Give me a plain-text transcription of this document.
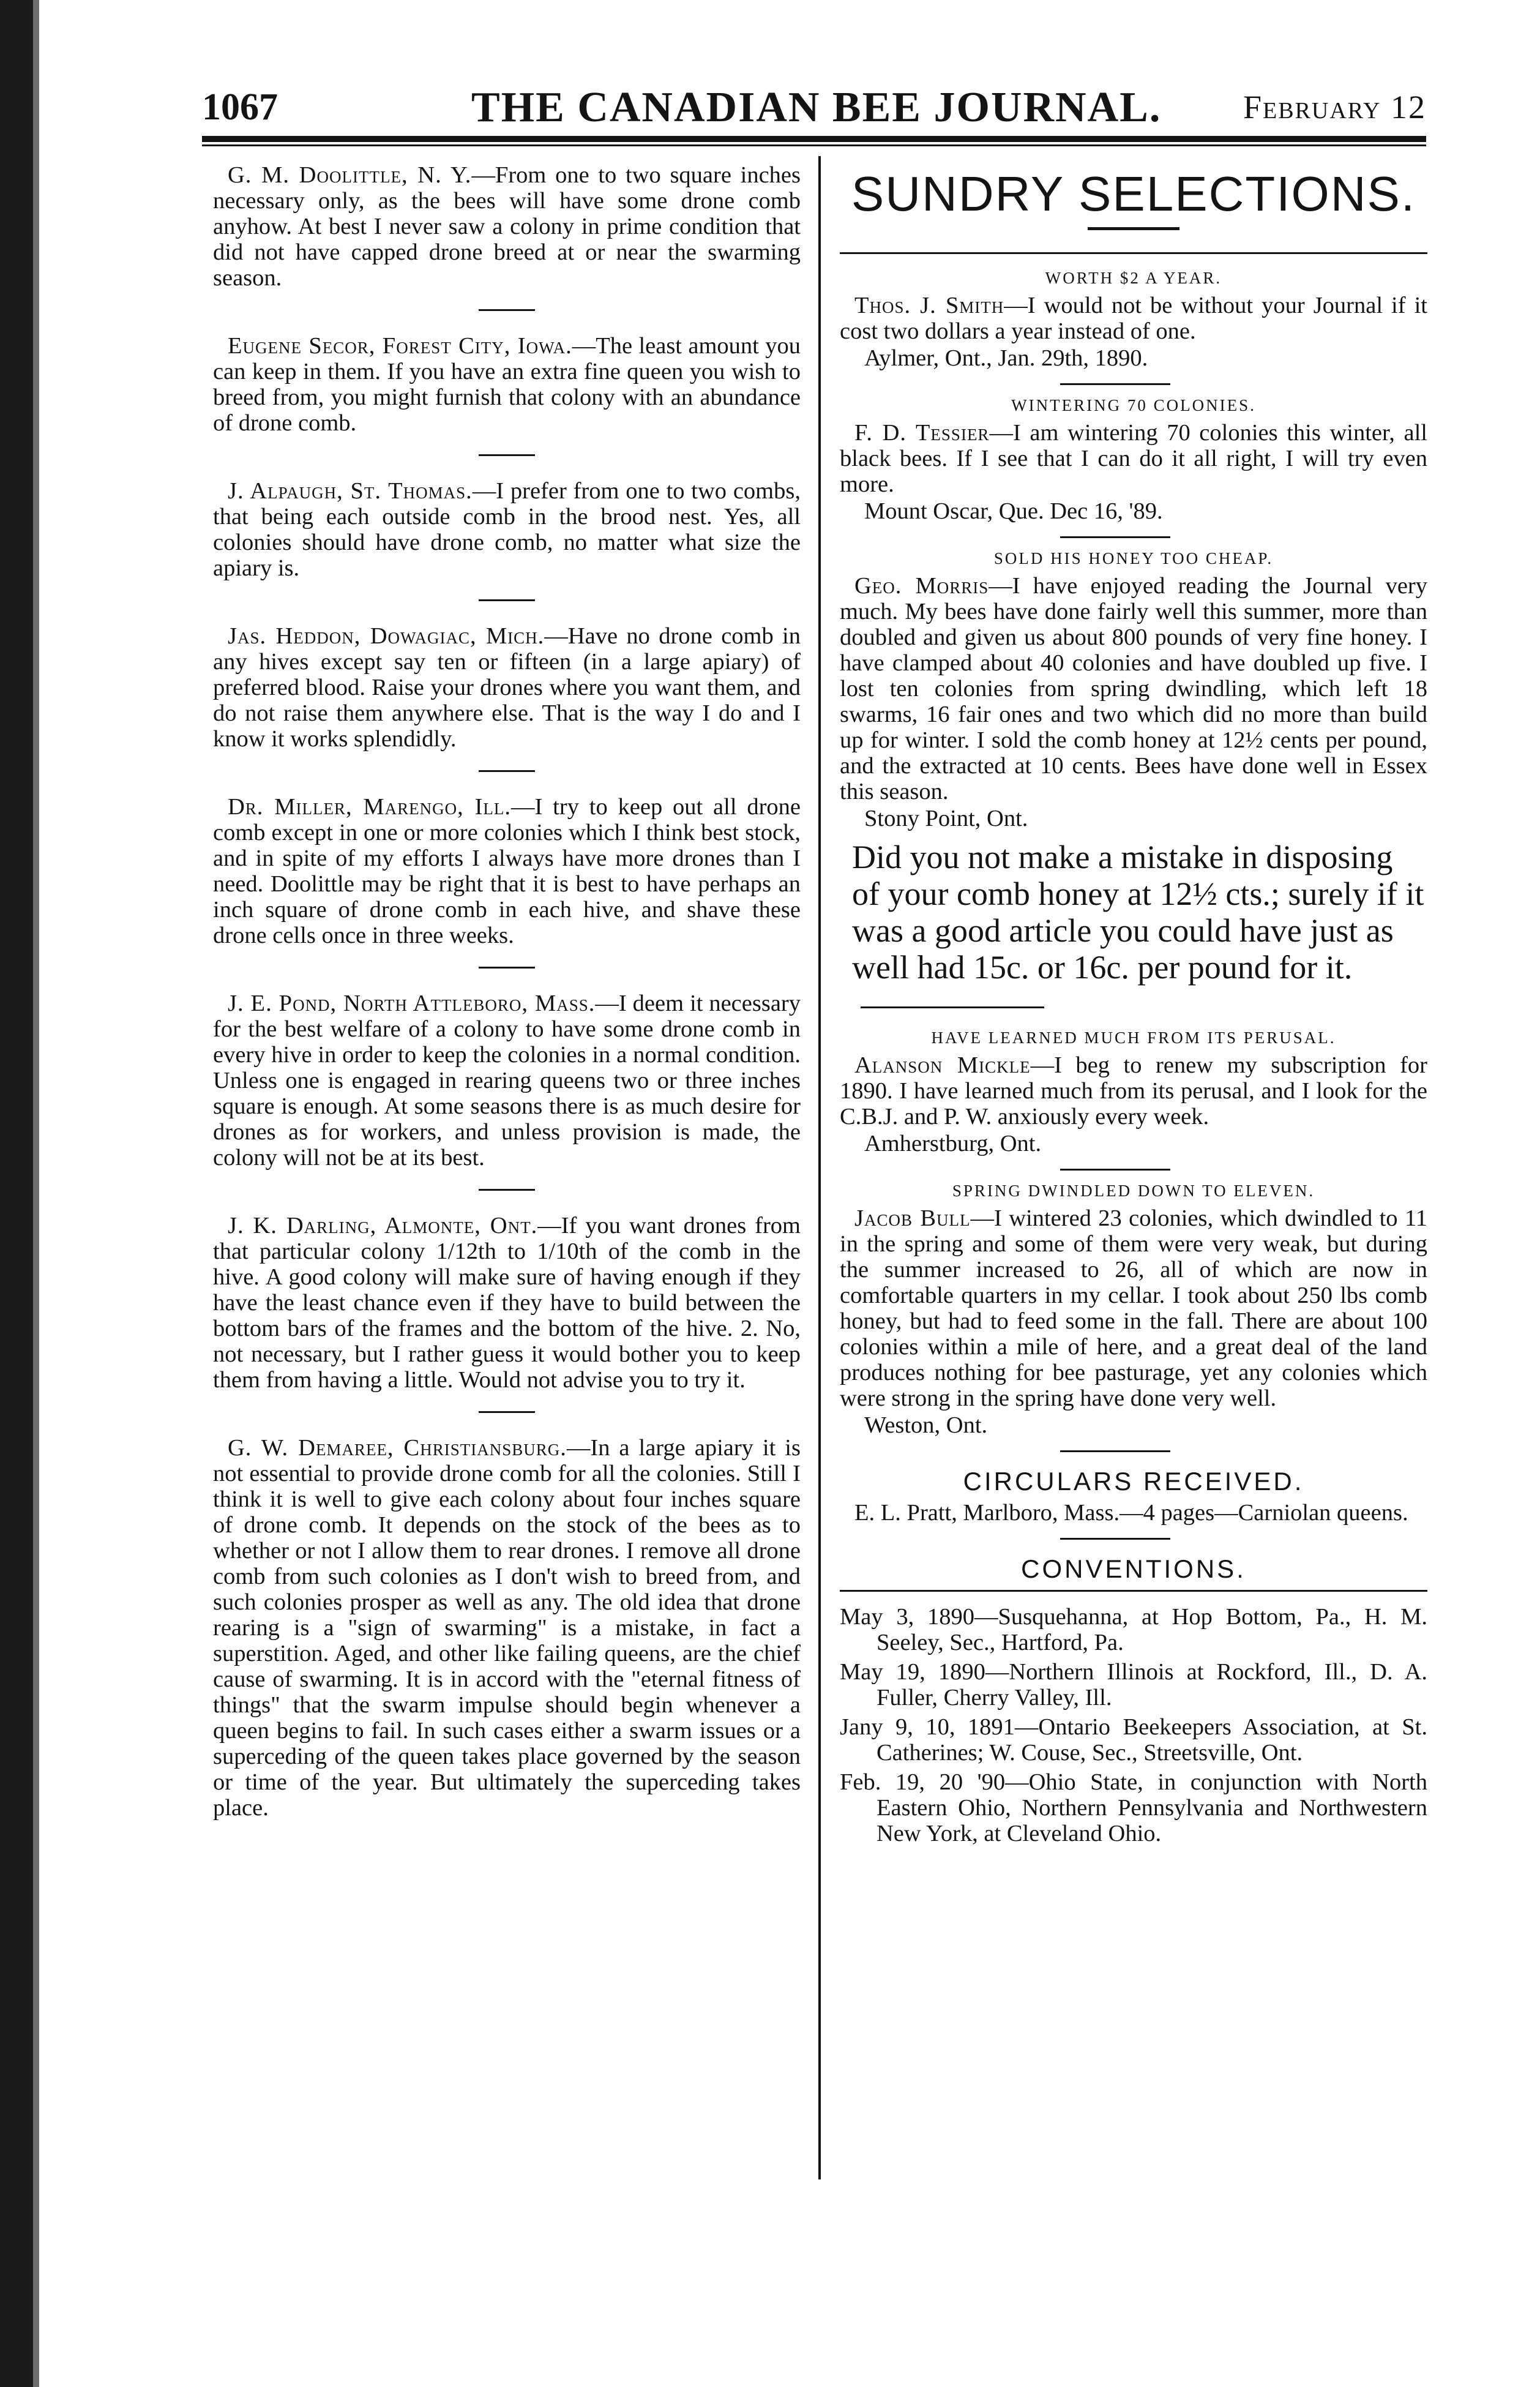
1067	THE CANADIAN BEE JOURNAL. February 12

G. M. Doolittle, N. Y.—From one to two square inches necessary only, as the bees will have some drone comb anyhow. At best I never saw a colony in prime condition that did not have capped drone breed at or near the swarming season.

Eugene Secor, Forest City, Iowa.—The least amount you can keep in them. If you have an extra fine queen you wish to breed from, you might furnish that colony with an abundance of drone comb.

J. Alpaugh, St. Thomas.—I prefer from one to two combs, that being each outside comb in the brood nest. Yes, all colonies should have drone comb, no matter what size the apiary is.

Jas. Heddon, Dowagiac, Mich.—Have no drone comb in any hives except say ten or fifteen (in a large apiary) of preferred blood. Raise your drones where you want them, and do not raise them anywhere else. That is the way I do and I know it works splendidly.

Dr. Miller, Marengo, Ill.—I try to keep out all drone comb except in one or more colonies which I think best stock, and in spite of my efforts I always have more drones than I need. Doolittle may be right that it is best to have perhaps an inch square of drone comb in each hive, and shave these drone cells once in three weeks.

J. E. Pond, North Attleboro, Mass.—I deem it necessary for the best welfare of a colony to have some drone comb in every hive in order to keep the colonies in a normal condition. Unless one is engaged in rearing queens two or three inches square is enough. At some seasons there is as much desire for drones as for workers, and unless provision is made, the colony will not be at its best.

J. K. Darling, Almonte, Ont.—If you want drones from that particular colony 1/12th to 1/10th of the comb in the hive. A good colony will make sure of having enough if they have the least chance even if they have to build between the bottom bars of the frames and the bottom of the hive. 2. No, not necessary, but I rather guess it would bother you to keep them from having a little. Would not advise you to try it.

G. W. Demaree, Christiansburg.—In a large apiary it is not essential to provide drone comb for all the colonies. Still I think it is well to give each colony about four inches square of drone comb. It depends on the stock of the bees as to whether or not I allow them to rear drones. I remove all drone comb from such colonies as I don't wish to breed from, and such colonies prosper as well as any. The old idea that drone rearing is a "sign of swarming" is a mistake, in fact a superstition. Aged, and other like failing queens, are the chief cause of swarming. It is in accord with the "eternal fitness of things" that the swarm impulse should begin whenever a queen begins to fail. In such cases either a swarm issues or a superceding of the queen takes place governed by the season or time of the year. But ultimately the superceding takes place.

SUNDRY SELECTIONS.
WORTH $2 A YEAR.

Thos. J. Smith—I would not be without your Journal if it cost two dollars a year instead of one.

Aylmer, Ont., Jan. 29th, 1890.
WINTERING 70 COLONIES.

F. D. Tessier—I am wintering 70 colonies this winter, all black bees. If I see that I can do it all right, I will try even more.

Mount Oscar, Que. Dec 16, '89.
SOLD HIS HONEY TOO CHEAP.

Geo. Morris—I have enjoyed reading the Journal very much. My bees have done fairly well this summer, more than doubled and given us about 800 pounds of very fine honey. I have clamped about 40 colonies and have doubled up five. I lost ten colonies from spring dwindling, which left 18 swarms, 16 fair ones and two which did no more than build up for winter. I sold the comb honey at 12½ cents per pound, and the extracted at 10 cents. Bees have done well in Essex this season.

Stony Point, Ont.

Did you not make a mistake in disposing of your comb honey at 12½ cts.; surely if it was a good article you could have just as well had 15c. or 16c. per pound for it.

HAVE LEARNED MUCH FROM ITS PERUSAL.

Alanson Mickle—I beg to renew my subscription for 1890. I have learned much from its perusal, and I look for the C.B.J. and P. W. anxiously every week.

Amherstburg, Ont.
SPRING DWINDLED DOWN TO ELEVEN.

Jacob Bull—I wintered 23 colonies, which dwindled to 11 in the spring and some of them were very weak, but during the summer increased to 26, all of which are now in comfortable quarters in my cellar. I took about 250 lbs comb honey, but had to feed some in the fall. There are about 100 colonies within a mile of here, and a great deal of the land produces nothing for bee pasturage, yet any colonies which were strong in the spring have done very well.

Weston, Ont.
CIRCULARS RECEIVED.

E. L. Pratt, Marlboro, Mass.—4 pages—Carniolan queens.

CONVENTIONS.

May 3, 1890—Susquehanna, at Hop Bottom, Pa., H. M. Seeley, Sec., Hartford, Pa.

May 19, 1890—Northern Illinois at Rockford, Ill., D. A. Fuller, Cherry Valley, Ill.

Jany 9, 10, 1891—Ontario Beekeepers Association, at St. Catherines; W. Couse, Sec., Streetsville, Ont.

Feb. 19, 20 '90—Ohio State, in conjunction with North Eastern Ohio, Northern Pennsylvania and Northwestern New York, at Cleveland Ohio.
